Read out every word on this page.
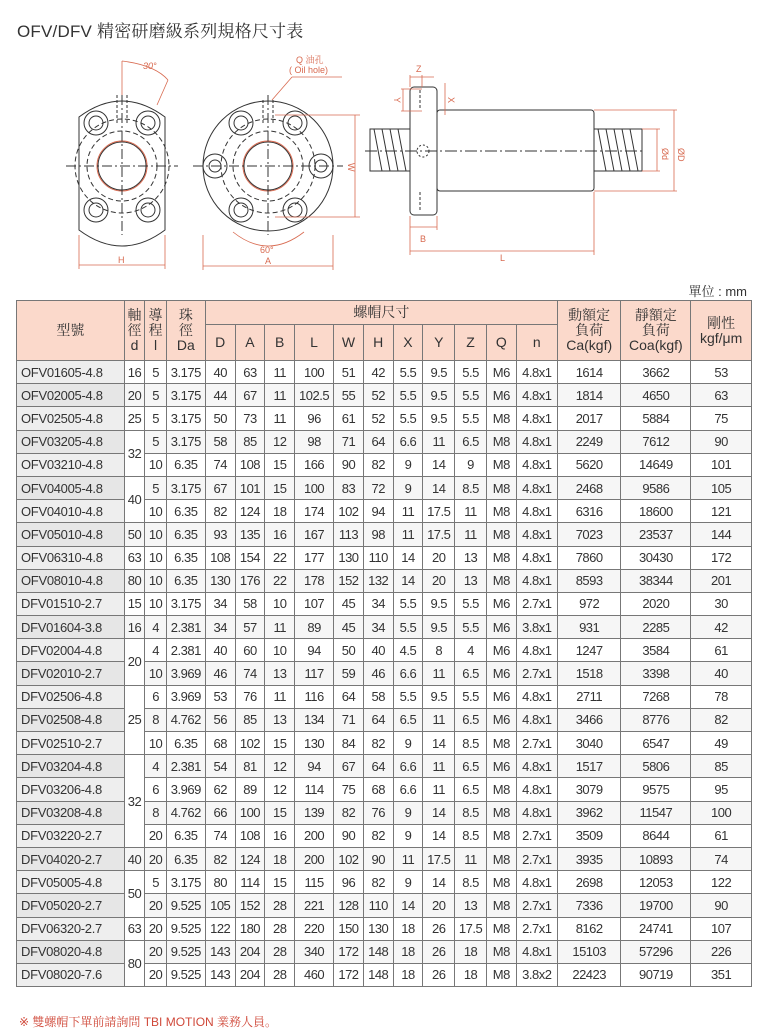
OFV/DFV 精密研磨級系列規格尺寸表
30°
60°
Q 油孔
( Oil hole)
H	A
W
Z
Y	X
B
L
Ød ØD
單位 : mm
型號	軸
徑
d	導
程
l	珠
徑
Da	螺帽尺寸											動額定
負荷
Ca(kgf)	靜額定
負荷
Coa(kgf)	剛性
kgf/μm
				D	A	B	L	W	H	X	Y	Z	Q	n			
OFV01605-4.8	16	5	3.175	40	63	11	100	51	42	5.5	9.5	5.5	M6	4.8x1	1614	3662	53
OFV02005-4.8	20	5	3.175	44	67	11	102.5	55	52	5.5	9.5	5.5	M6	4.8x1	1814	4650	63
OFV02505-4.8	25	5	3.175	50	73	11	96	61	52	5.5	9.5	5.5	M8	4.8x1	2017	5884	75
OFV03205-4.8	32	5	3.175	58	85	12	98	71	64	6.6	11	6.5	M8	4.8x1	2249	7612	90
OFV03210-4.8		10	6.35	74	108	15	166	90	82	9	14	9	M8	4.8x1	5620	14649	101
OFV04005-4.8	40	5	3.175	67	101	15	100	83	72	9	14	8.5	M8	4.8x1	2468	9586	105
OFV04010-4.8		10	6.35	82	124	18	174	102	94	11	17.5	11	M8	4.8x1	6316	18600	121
OFV05010-4.8	50	10	6.35	93	135	16	167	113	98	11	17.5	11	M8	4.8x1	7023	23537	144
OFV06310-4.8	63	10	6.35	108	154	22	177	130	110	14	20	13	M8	4.8x1	7860	30430	172
OFV08010-4.8	80	10	6.35	130	176	22	178	152	132	14	20	13	M8	4.8x1	8593	38344	201
DFV01510-2.7	15	10	3.175	34	58	10	107	45	34	5.5	9.5	5.5	M6	2.7x1	972	2020	30
DFV01604-3.8	16	4	2.381	34	57	11	89	45	34	5.5	9.5	5.5	M6	3.8x1	931	2285	42
DFV02004-4.8	20	4	2.381	40	60	10	94	50	40	4.5	8	4	M6	4.8x1	1247	3584	61
DFV02010-2.7		10	3.969	46	74	13	117	59	46	6.6	11	6.5	M6	2.7x1	1518	3398	40
DFV02506-4.8	25	6	3.969	53	76	11	116	64	58	5.5	9.5	5.5	M6	4.8x1	2711	7268	78
DFV02508-4.8		8	4.762	56	85	13	134	71	64	6.5	11	6.5	M6	4.8x1	3466	8776	82
DFV02510-2.7		10	6.35	68	102	15	130	84	82	9	14	8.5	M8	2.7x1	3040	6547	49
DFV03204-4.8	32	4	2.381	54	81	12	94	67	64	6.6	11	6.5	M6	4.8x1	1517	5806	85
DFV03206-4.8		6	3.969	62	89	12	114	75	68	6.6	11	6.5	M8	4.8x1	3079	9575	95
DFV03208-4.8		8	4.762	66	100	15	139	82	76	9	14	8.5	M8	4.8x1	3962	11547	100
DFV03220-2.7		20	6.35	74	108	16	200	90	82	9	14	8.5	M8	2.7x1	3509	8644	61
DFV04020-2.7	40	20	6.35	82	124	18	200	102	90	11	17.5	11	M8	2.7x1	3935	10893	74
DFV05005-4.8	50	5	3.175	80	114	15	115	96	82	9	14	8.5	M8	4.8x1	2698	12053	122
DFV05020-2.7		20	9.525	105	152	28	221	128	110	14	20	13	M8	2.7x1	7336	19700	90
DFV06320-2.7	63	20	9.525	122	180	28	220	150	130	18	26	17.5	M8	2.7x1	8162	24741	107
DFV08020-4.8	80	20	9.525	143	204	28	340	172	148	18	26	18	M8	4.8x1	15103	57296	226
DFV08020-7.6		20	9.525	143	204	28	460	172	148	18	26	18	M8	3.8x2	22423	90719	351
※ 雙螺帽下單前請詢問 TBI MOTION 業務人員。
